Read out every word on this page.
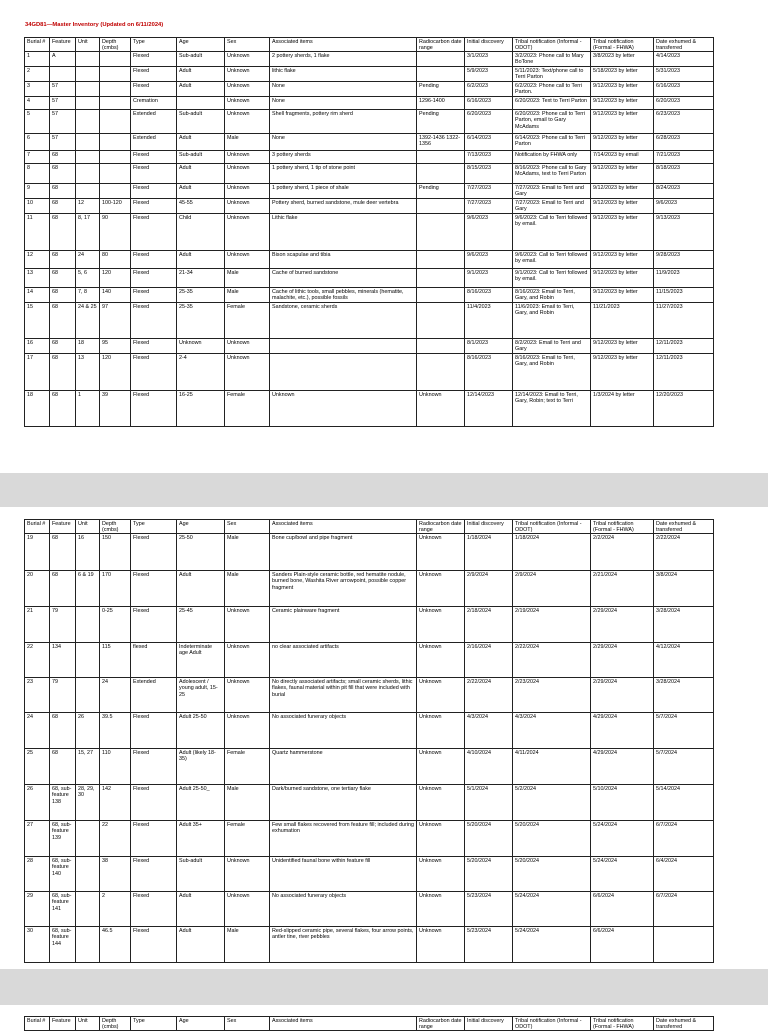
34GD81—Master Inventory (Updated on 6/11/2024)
Burial #	Feature	Unit	Depth (cmbs)	Type	Age	Sex	Associated items	Radiocarbon date range	Initial discovery	Tribal notification (Informal - ODOT)	Tribal notification (Formal - FHWA)	Date exhumed & transferred
1	A			Flexed	Sub-adult	Unknown	2 pottery sherds, 1 flake		3/1/2023	3/2/2023: Phone call to Mary BoTone	3/8/2023 by letter	4/14/2023
2				Flexed	Adult	Unknown	lithic flake		5/9/2023	5/11/2023: Text/phone call to Terri Parton	5/18/2023 by letter	5/31/2023
3	57			Flexed	Adult	Unknown	None	Pending	6/2/2023	6/2/2023: Phone call to Terri Parton.	9/12/2023 by letter	6/16/2023
4	57			Cremation		Unknown	None	1296-1400	6/16/2023	6/20/2023: Text to Terri Parton	9/12/2023 by letter	6/20/2023
5	57			Extended	Sub-adult	Unknown	Shell fragments, pottery rim sherd	Pending	6/20/2023	6/20/2023: Phone call to Terri Parton, email to Gary McAdams	9/12/2023 by letter	6/23/2023
6	57			Extended	Adult	Male	None	1392-1436 1322-1356	6/14/2023	6/14/2023: Phone call to Terri Parton	9/12/2023 by letter	6/28/2023
7	68			Flexed	Sub-adult	Unknown	3 pottery sherds		7/13/2023	Notification by FHWA only	7/14/2023 by email	7/21/2023
8	68			Flexed	Adult	Unknown	1 pottery sherd, 1 tip of stone point		8/15/2023	8/16/2023: Phone call to Gary McAdams, text to Terri Parton	9/12/2023 by letter	8/18/2023
9	68			Flexed	Adult	Unknown	1 pottery sherd, 1 piece of shale	Pending	7/27/2023	7/27/2023: Email to Terri and Gary	9/12/2023 by letter	8/24/2023
10	68	12	100-120	Flexed	45-55	Unknown	Pottery sherd, burned sandstone, mule deer vertebra		7/27/2023	7/27/2023: Email to Terri and Gary	9/12/2023 by letter	9/6/2023
11	68	8, 17	90	Flexed	Child	Unknown	Lithic flake		9/6/2023	9/6/2023: Call to Terri followed by email.	9/12/2023 by letter	9/13/2023
12	68	24	80	Flexed	Adult	Unknown	Bison scapulae and tibia		9/6/2023	9/6/2023: Call to Terri followed by email.	9/12/2023 by letter	9/28/2023
13	68	5, 6	120	Flexed	21-34	Male	Cache of burned sandstone		9/1/2023	9/1/2023: Call to Terri followed by email.	9/12/2023 by letter	11/9/2023
14	68	7, 8	140	Flexed	25-35	Male	Cache of lithic tools, small pebbles, minerals (hematite, malachite, etc.), possible fossils		8/16/2023	8/16/2023: Email to Terri, Gary, and Robin	9/12/2023 by letter	11/15/2023
15	68	24 & 25	97	Flexed	25-35	Female	Sandstone, ceramic sherds		11/4/2023	11/6/2023: Email to Terri, Gary, and Robin	11/21/2023	11/27/2023
16	68	18	95	Flexed	Unknown	Unknown			8/1/2023	8/2/2023: Email to Terri and Gary	9/12/2023 by letter	12/11/2023
17	68	13	120	Flexed	2-4	Unknown			8/16/2023	8/16/2023: Email to Terri, Gary, and Robin	9/12/2023 by letter	12/11/2023
18	68	1	39	Flexed	16-25	Female	Unknown	Unknown	12/14/2023	12/14/2023: Email to Terri, Gary, Robin; text to Terri	1/3/2024 by letter	12/20/2023
Burial #	Feature	Unit	Depth (cmbs)	Type	Age	Sex	Associated items	Radiocarbon date range	Initial discovery	Tribal notification (Informal - ODOT)	Tribal notification (Formal - FHWA)	Date exhumed & transferred
19	68	16	150	Flexed	25-50	Male	Bone cup/bowl and pipe fragment	Unknown	1/18/2024	1/18/2024	2/2/2024	2/22/2024
20	68	6 & 19	170	Flexed	Adult	Male	Sanders Plain-style ceramic bottle, red hematite nodule, burned bone, Washita River arrowpoint, possible copper fragment	Unknown	2/9/2024	2/9/2024	2/21/2024	3/8/2024
21	79		0-25	Flexed	25-45	Unknown	Ceramic plainware fragment	Unknown	2/18/2024	2/19/2024	2/29/2024	3/28/2024
22	134		115	flexed	Indeterminate age Adult	Unknown	no clear associated artifacts	Unknown	2/16/2024	2/22/2024	2/29/2024	4/12/2024
23	79		24	Extended	Adolescent / young adult, 15-25	Unknown	No directly associated artifacts; small ceramic sherds, lithic flakes, faunal material within pit fill that were included with burial	Unknown	2/22/2024	2/23/2024	2/29/2024	3/28/2024
24	68	26	39.5	Flexed	Adult 25-50	Unknown	No associated funerary objects	Unknown	4/3/2024	4/3/2024	4/29/2024	5/7/2024
25	68	15, 27	110	Flexed	Adult (likely 18-35)	Female	Quartz hammerstone	Unknown	4/10/2024	4/11/2024	4/29/2024	5/7/2024
26	68, sub-feature 138	28, 29, 30	142	Flexed	Adult 25-50_	Male	Dark/burned sandstone, one tertiary flake	Unknown	5/1/2024	5/2/2024	5/10/2024	5/14/2024
27	68, sub-feature 139		22	Flexed	Adult 35+	Female	Few small flakes recovered from feature fill; included during exhumation	Unknown	5/20/2024	5/20/2024	5/24/2024	6/7/2024
28	68, sub-feature 140		38	Flexed	Sub-adult	Unknown	Unidentified faunal bone within feature fill	Unknown	5/20/2024	5/20/2024	5/24/2024	6/4/2024
29	68, sub-feature 141		2	Flexed	Adult	Unknown	No associated funerary objects	Unknown	5/23/2024	5/24/2024	6/6/2024	6/7/2024
30	68, sub-feature 144		46.5	Flexed	Adult	Male	Red-slipped ceramic pipe, several flakes, four arrow points, antler tine, river pebbles	Unknown	5/23/2024	5/24/2024	6/6/2024	
Burial #	Feature	Unit	Depth (cmbs)	Type	Age	Sex	Associated items	Radiocarbon date range	Initial discovery	Tribal notification (Informal - ODOT)	Tribal notification (Formal - FHWA)	Date exhumed & transferred
